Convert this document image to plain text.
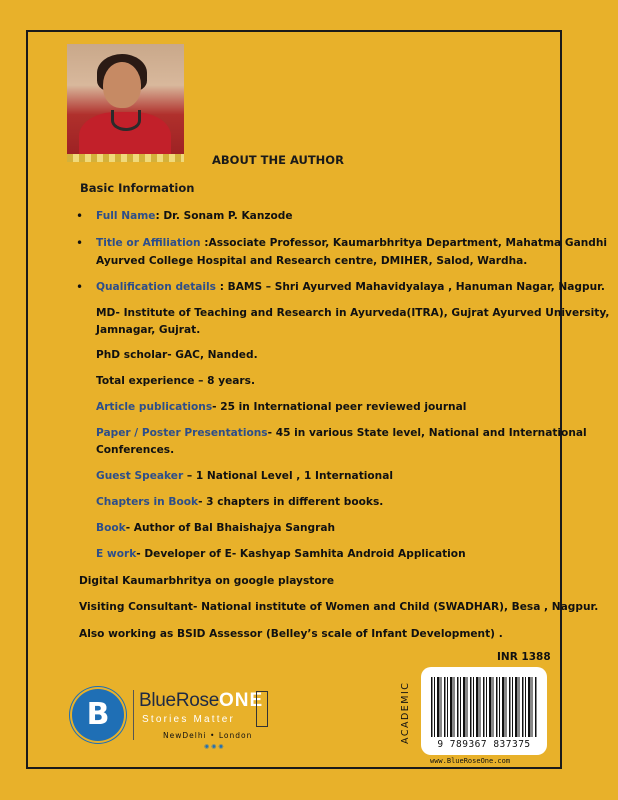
ABOUT THE AUTHOR
Basic Information
• Full Name: Dr. Sonam P. Kanzode
• Title or Affiliation :Associate Professor, Kaumarbhritya Department, Mahatma Gandhi
Ayurved College Hospital and Research centre, DMIHER, Salod, Wardha.
• Qualification details : BAMS – Shri Ayurved Mahavidyalaya , Hanuman Nagar, Nagpur.
MD- Institute of Teaching and Research in Ayurveda(ITRA), Gujrat Ayurved University,
Jamnagar, Gujrat.
PhD scholar- GAC, Nanded.
Total experience – 8 years.
Article publications- 25 in International peer reviewed journal
Paper / Poster Presentations- 45 in various State level, National and International
Conferences.
Guest Speaker – 1 National Level , 1 International
Chapters in Book- 3 chapters in different books.
Book- Author of Bal Bhaishajya Sangrah
E work- Developer of E- Kashyap Samhita Android Application
Digital Kaumarbhritya on google playstore
Visiting Consultant- National institute of Women and Child (SWADHAR), Besa , Nagpur.
Also working as BSID Assessor (Belley’s scale of Infant Development) .
INR 1388
ACADEMIC
9 789367 837375
www.BlueRoseOne.com
B BlueRoseONE
Stories Matter
NewDelhi • London
◉ ◉ ◉
